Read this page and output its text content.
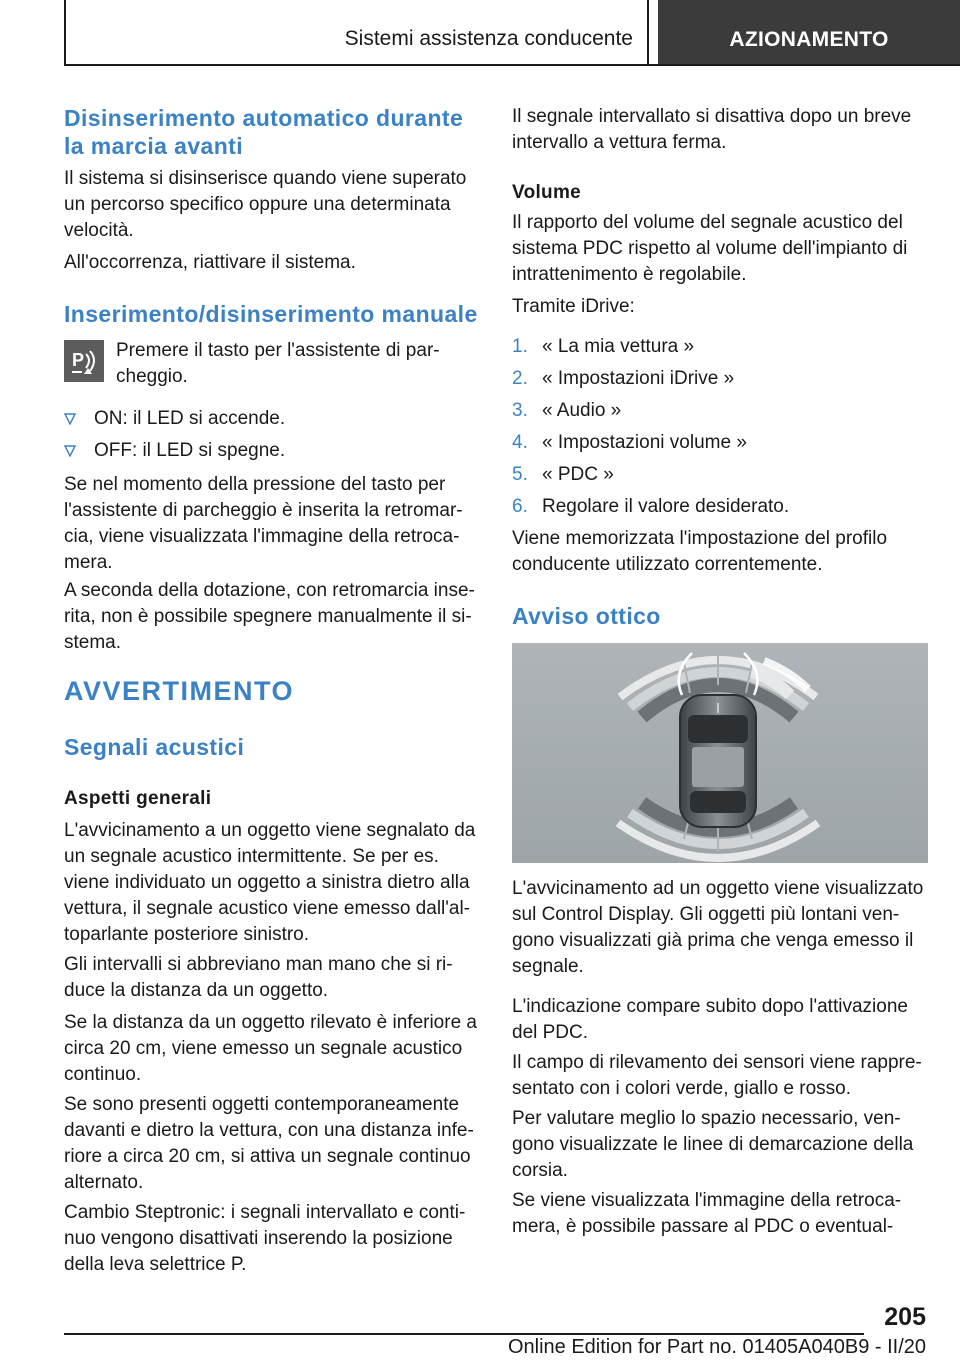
Sistemi assistenza conducente	AZIONAMENTO
Disinserimento automatico durante
la marcia avanti
Il sistema si disinserisce quando viene superato un percorso specifico oppure una determinata velocità.
All'occorrenza, riattivare il sistema.
Inserimento/disinserimento manuale
P Premere il tasto per l'assistente di par-
cheggio.
ON: il LED si accende.
OFF: il LED si spegne.
Se nel momento della pressione del tasto per l'assistente di parcheggio è inserita la retromar-cia, viene visualizzata l'immagine della retroca-mera.
A seconda della dotazione, con retromarcia inse-rita, non è possibile spegnere manualmente il si-stema.
AVVERTIMENTO
Segnali acustici
Aspetti generali
L'avvicinamento a un oggetto viene segnalato da un segnale acustico intermittente. Se per es. viene individuato un oggetto a sinistra dietro alla vettura, il segnale acustico viene emesso dall'al-toparlante posteriore sinistro.
Gli intervalli si abbreviano man mano che si ri-duce la distanza da un oggetto.
Se la distanza da un oggetto rilevato è inferiore a circa 20 cm, viene emesso un segnale acustico continuo.
Se sono presenti oggetti contemporaneamente davanti e dietro la vettura, con una distanza infe-riore a circa 20 cm, si attiva un segnale continuo alternato.
Cambio Steptronic: i segnali intervallato e conti-nuo vengono disattivati inserendo la posizione della leva selettrice P.
Il segnale intervallato si disattiva dopo un breve intervallo a vettura ferma.
Volume
Il rapporto del volume del segnale acustico del sistema PDC rispetto al volume dell'impianto di intrattenimento è regolabile.
Tramite iDrive:
1. « La mia vettura »
2. « Impostazioni iDrive »
3. « Audio »
4. « Impostazioni volume »
5. « PDC »
6. Regolare il valore desiderato.
Viene memorizzata l'impostazione del profilo conducente utilizzato correntemente.
Avviso ottico
L'avvicinamento ad un oggetto viene visualizzato sul Control Display. Gli oggetti più lontani ven-gono visualizzati già prima che venga emesso il segnale.
L'indicazione compare subito dopo l'attivazione del PDC.
Il campo di rilevamento dei sensori viene rappre-sentato con i colori verde, giallo e rosso.
Per valutare meglio lo spazio necessario, ven-gono visualizzate le linee di demarcazione della corsia.
Se viene visualizzata l'immagine della retroca-mera, è possibile passare al PDC o eventual-
205
Online Edition for Part no. 01405A040B9 - II/20
